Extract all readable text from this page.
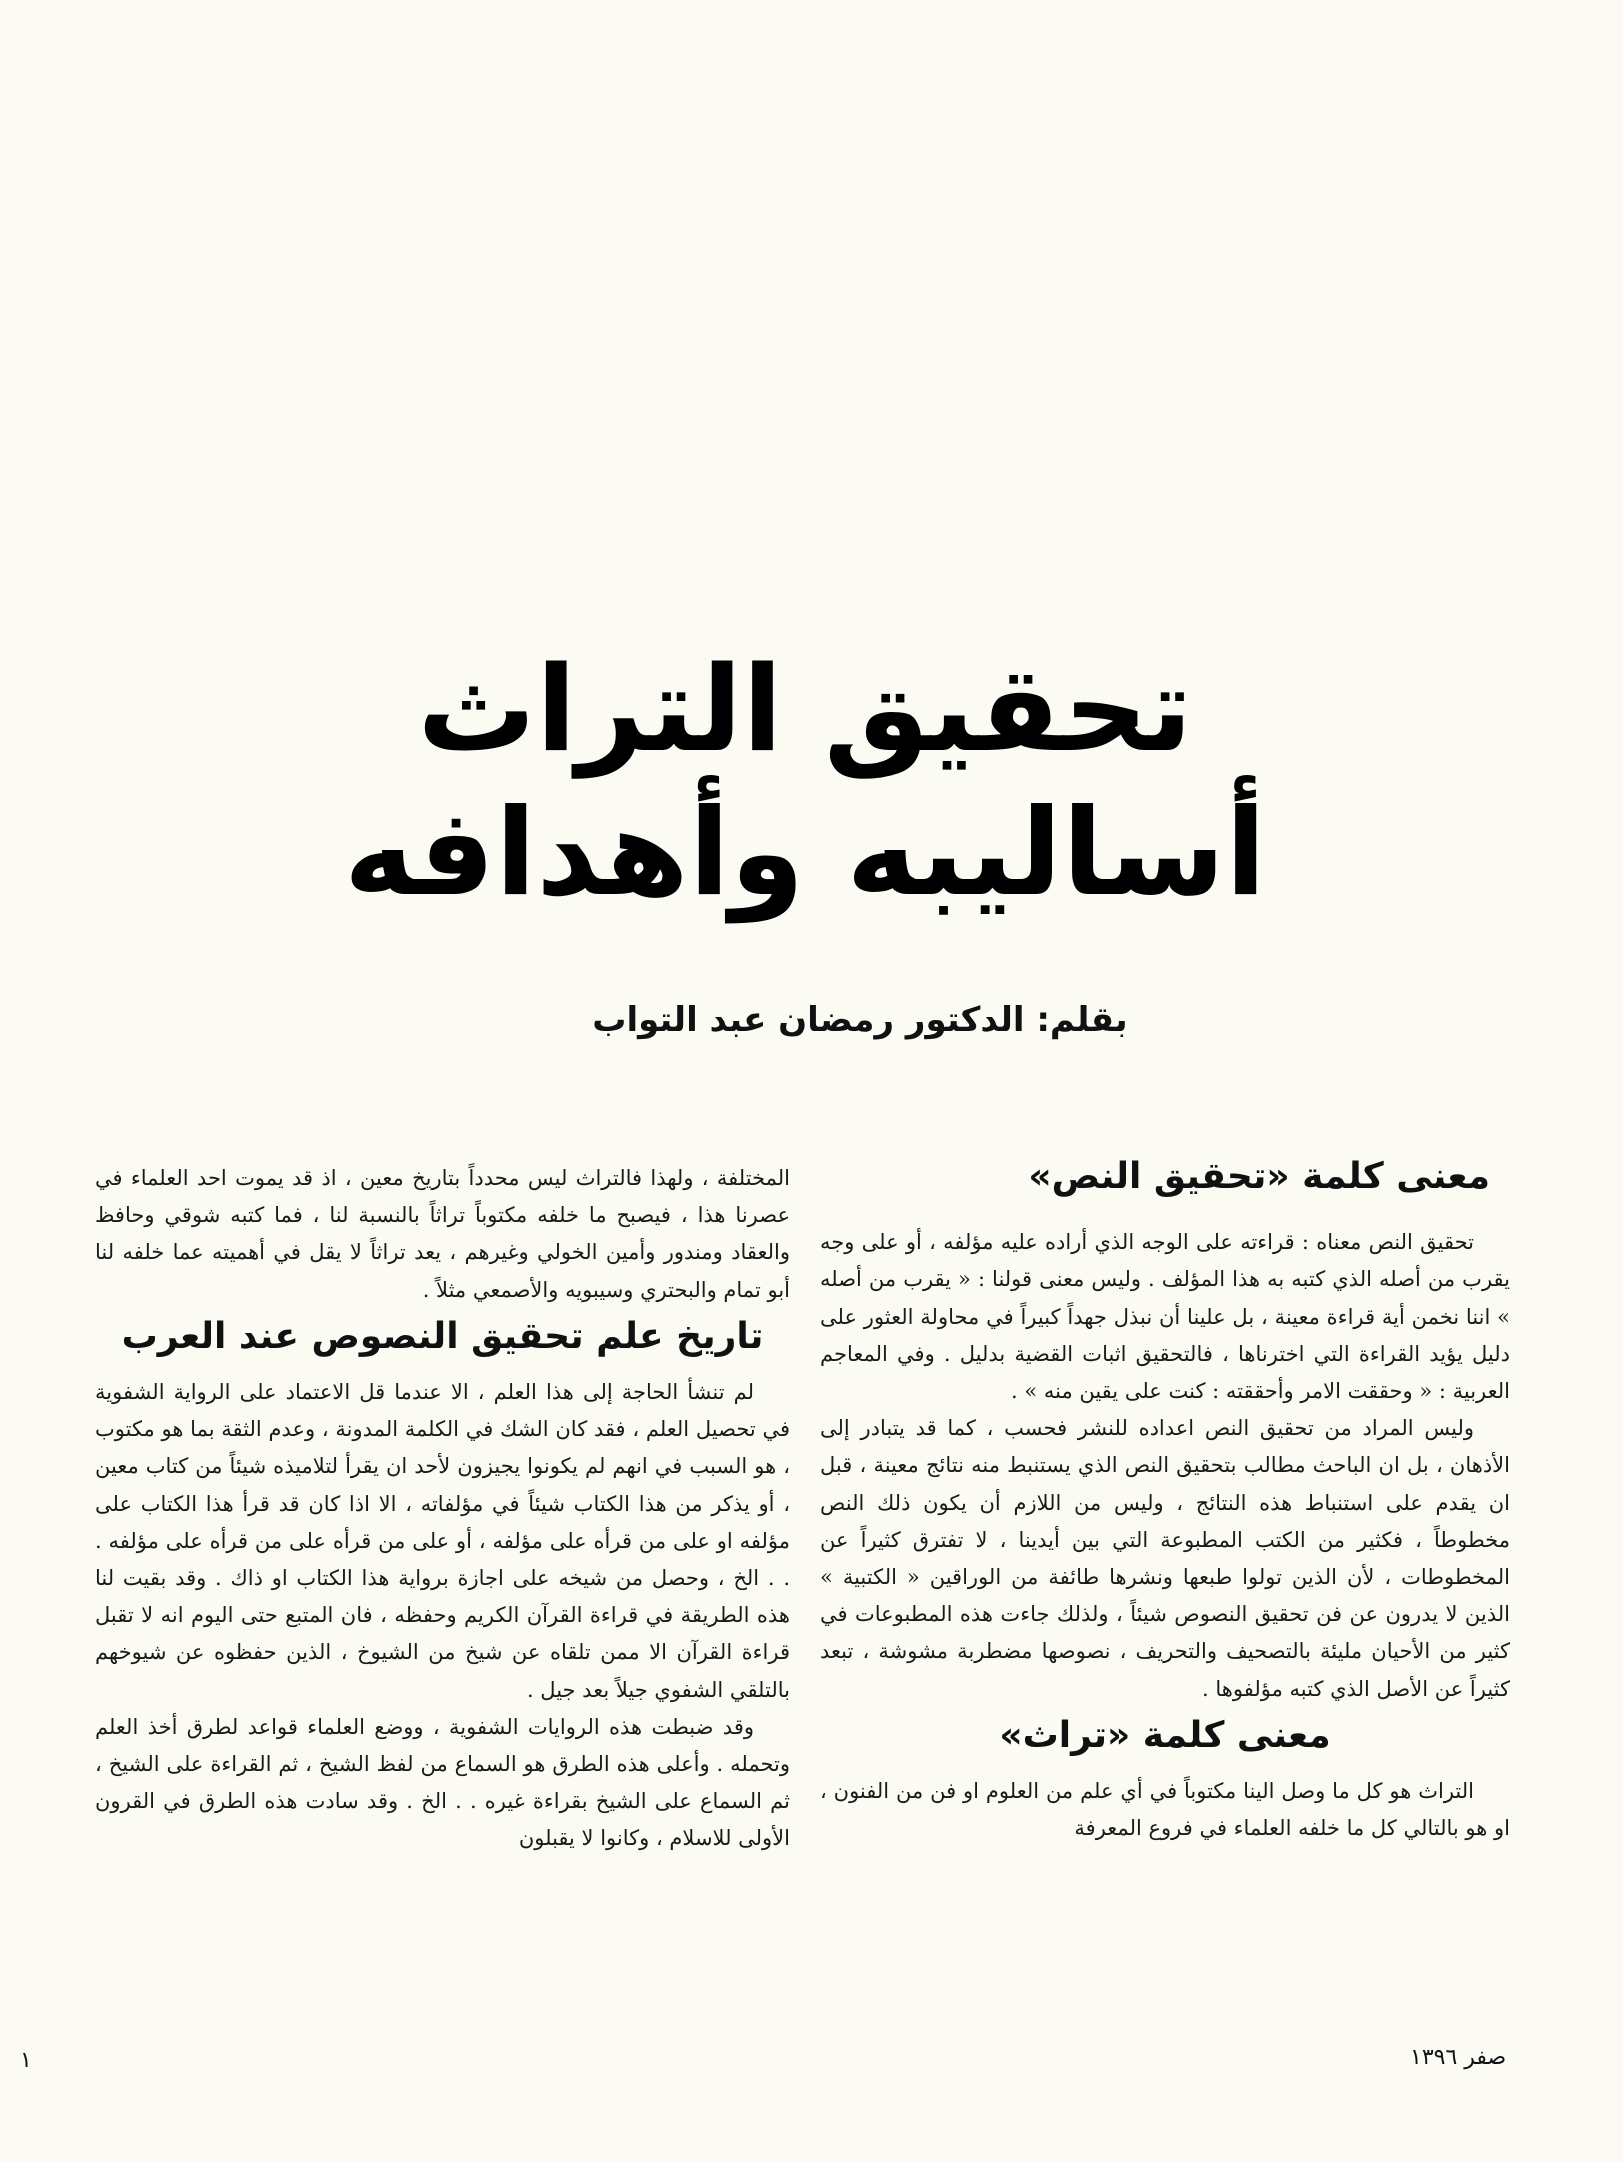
تحقيق التراث
أساليبه وأهدافه
بقلم: الدكتور رمضان عبد التواب
معنى كلمة «تحقيق النص»

تحقيق النص معناه : قراءته على الوجه الذي أراده عليه مؤلفه ، أو على وجه يقرب من أصله الذي كتبه به هذا المؤلف . وليس معنى قولنا : « يقرب من أصله » اننا نخمن أية قراءة معينة ، بل علينا أن نبذل جهداً كبيراً في محاولة العثور على دليل يؤيد القراءة التي اخترناها ، فالتحقيق اثبات القضية بدليل . وفي المعاجم العربية : « وحققت الامر وأحققته : كنت على يقين منه » .

وليس المراد من تحقيق النص اعداده للنشر فحسب ، كما قد يتبادر إلى الأذهان ، بل ان الباحث مطالب بتحقيق النص الذي يستنبط منه نتائج معينة ، قبل ان يقدم على استنباط هذه النتائج ، وليس من اللازم أن يكون ذلك النص مخطوطاً ، فكثير من الكتب المطبوعة التي بين أيدينا ، لا تفترق كثيراً عن المخطوطات ، لأن الذين تولوا طبعها ونشرها طائفة من الوراقين « الكتبية » الذين لا يدرون عن فن تحقيق النصوص شيئاً ، ولذلك جاءت هذه المطبوعات في كثير من الأحيان مليئة بالتصحيف والتحريف ، نصوصها مضطربة مشوشة ، تبعد كثيراً عن الأصل الذي كتبه مؤلفوها .

معنى كلمة «تراث»

التراث هو كل ما وصل الينا مكتوباً في أي علم من العلوم او فن من الفنون ، او هو بالتالي كل ما خلفه العلماء في فروع المعرفة

المختلفة ، ولهذا فالتراث ليس محدداً بتاريخ معين ، اذ قد يموت احد العلماء في عصرنا هذا ، فيصبح ما خلفه مكتوباً تراثاً بالنسبة لنا ، فما كتبه شوقي وحافظ والعقاد ومندور وأمين الخولي وغيرهم ، يعد تراثاً لا يقل في أهميته عما خلفه لنا أبو تمام والبحتري وسيبويه والأصمعي مثلاً .

تاريخ علم تحقيق النصوص عند العرب

لم تنشأ الحاجة إلى هذا العلم ، الا عندما قل الاعتماد على الرواية الشفوية في تحصيل العلم ، فقد كان الشك في الكلمة المدونة ، وعدم الثقة بما هو مكتوب ، هو السبب في انهم لم يكونوا يجيزون لأحد ان يقرأ لتلاميذه شيئاً من كتاب معين ، أو يذكر من هذا الكتاب شيئاً في مؤلفاته ، الا اذا كان قد قرأ هذا الكتاب على مؤلفه او على من قرأه على مؤلفه ، أو على من قرأه على من قرأه على مؤلفه . . . الخ ، وحصل من شيخه على اجازة برواية هذا الكتاب او ذاك . وقد بقيت لنا هذه الطريقة في قراءة القرآن الكريم وحفظه ، فان المتبع حتى اليوم انه لا تقبل قراءة القرآن الا ممن تلقاه عن شيخ من الشيوخ ، الذين حفظوه عن شيوخهم بالتلقي الشفوي جيلاً بعد جيل .

وقد ضبطت هذه الروايات الشفوية ، ووضع العلماء قواعد لطرق أخذ العلم وتحمله . وأعلى هذه الطرق هو السماع من لفظ الشيخ ، ثم القراءة على الشيخ ، ثم السماع على الشيخ بقراءة غيره . . الخ . وقد سادت هذه الطرق في القرون الأولى للاسلام ، وكانوا لا يقبلون

١	صفر ١٣٩٦
